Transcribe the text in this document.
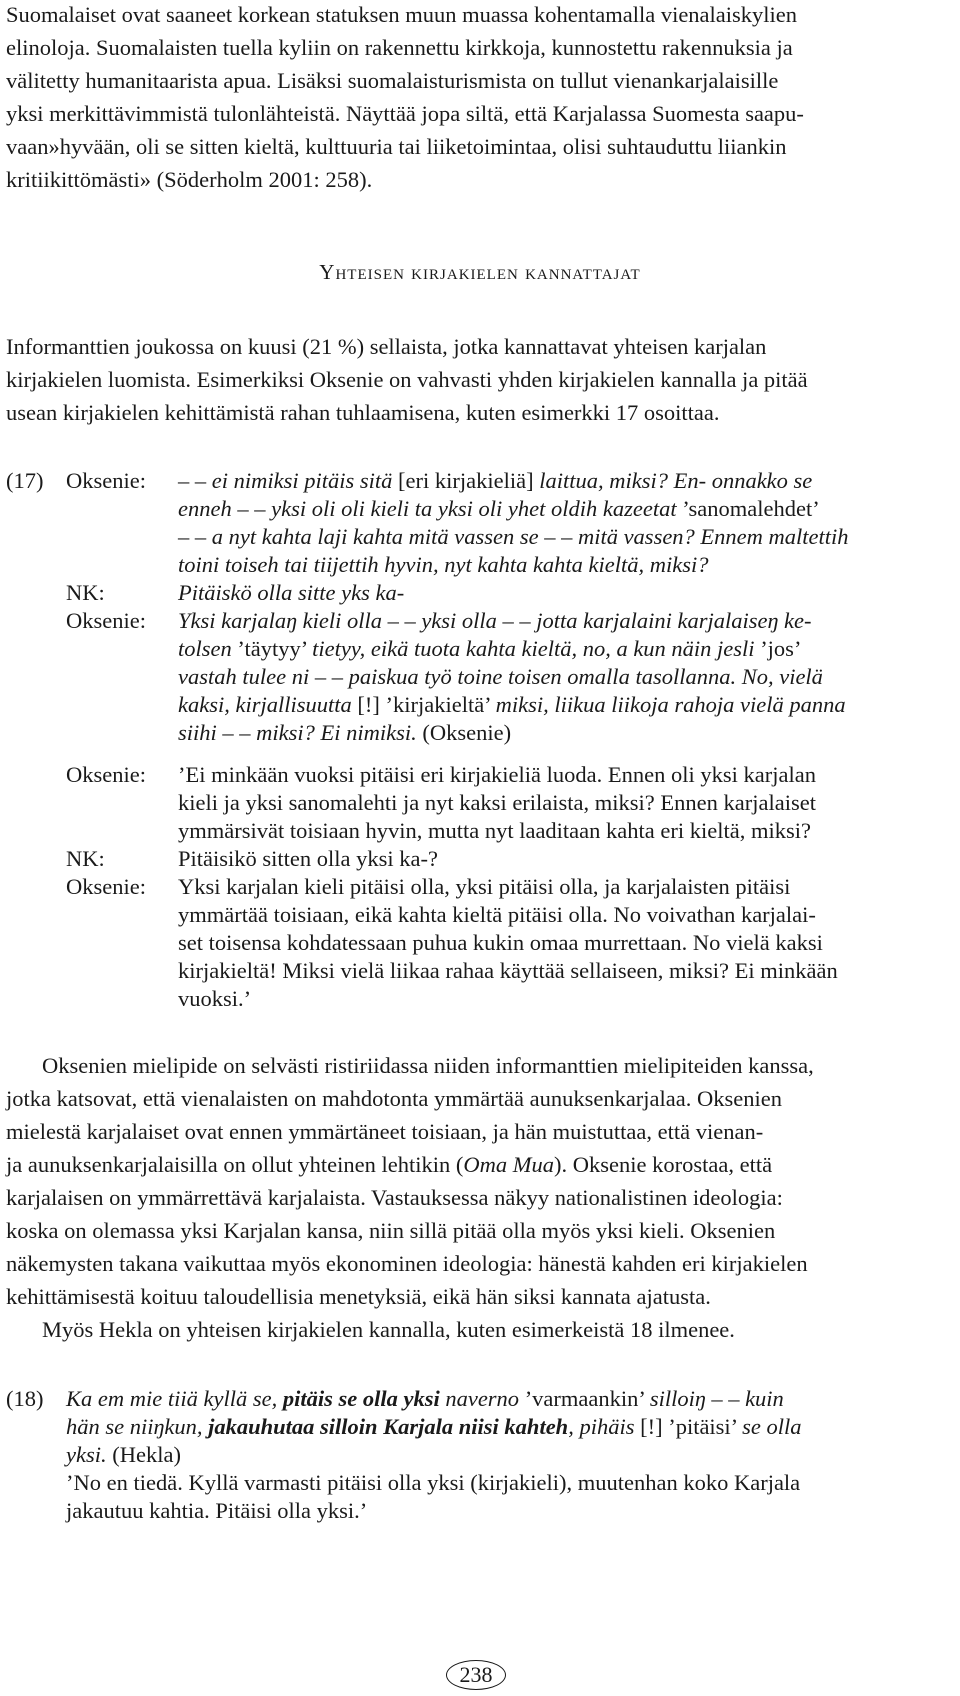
Suomalaiset ovat saaneet korkean statuksen muun muassa kohentamalla vienalaiskylien
elinoloja. Suomalaisten tuella kyliin on rakennettu kirkkoja, kunnostettu rakennuksia ja
välitetty humanitaarista apua. Lisäksi suomalaisturismista on tullut vienankarjalaisille
yksi merkittävimmistä tulonlähteistä. Näyttää jopa siltä, että Karjalassa Suomesta saapu-
vaan»hyvään, oli se sitten kieltä, kulttuuria tai liiketoimintaa, olisi suhtauduttu liiankin
kritiikittömästi» (Söderholm 2001: 258).
Yhteisen kirjakielen kannattajat
Informanttien joukossa on kuusi (21 %) sellaista, jotka kannattavat yhteisen karjalan
kirjakielen luomista. Esimerkiksi Oksenie on vahvasti yhden kirjakielen kannalla ja pitää
usean kirjakielen kehittämistä rahan tuhlaamisena, kuten esimerkki 17 osoittaa.
(17) Oksenie: – – ei nimiksi pitäis sitä [eri kirjakieliä] laittua, miksi? En- onnakko se
enneh – – yksi oli oli kieli ta yksi oli yhet oldih kazeetat ’sanomalehdet’
– – a nyt kahta laji kahta mitä vassen se – – mitä vassen? Ennem maltettih
toini toiseh tai tiijettih hyvin, nyt kahta kahta kieltä, miksi?
NK:	Pitäiskö olla sitte yks ka-
Oksenie: Yksi karjalaŋ kieli olla – – yksi olla – – jotta karjalaini karjalaiseŋ ke-
tolsen ’täytyy’ tietyy, eikä tuota kahta kieltä, no, a kun näin jesli ’jos’
vastah tulee ni – – paiskua työ toine toisen omalla tasollanna. No, vielä
kaksi, kirjallisuutta [!] ’kirjakieltä’ miksi, liikua liikoja rahoja vielä panna
siihi – – miksi? Ei nimiksi. (Oksenie)
Oksenie: ’Ei minkään vuoksi pitäisi eri kirjakieliä luoda. Ennen oli yksi karjalan
kieli ja yksi sanomalehti ja nyt kaksi erilaista, miksi? Ennen karjalaiset
ymmärsivät toisiaan hyvin, mutta nyt laaditaan kahta eri kieltä, miksi?
NK:	Pitäisikö sitten olla yksi ka-?
Oksenie: Yksi karjalan kieli pitäisi olla, yksi pitäisi olla, ja karjalaisten pitäisi
ymmärtää toisiaan, eikä kahta kieltä pitäisi olla. No voivathan karjalai-
set toisensa kohdatessaan puhua kukin omaa murrettaan. No vielä kaksi
kirjakieltä! Miksi vielä liikaa rahaa käyttää sellaiseen, miksi? Ei minkään
vuoksi.’
Oksenien mielipide on selvästi ristiriidassa niiden informanttien mielipiteiden kanssa,
jotka katsovat, että vienalaisten on mahdotonta ymmärtää aunuksenkarjalaa. Oksenien
mielestä karjalaiset ovat ennen ymmärtäneet toisiaan, ja hän muistuttaa, että vienan-
ja aunuksenkarjalaisilla on ollut yhteinen lehtikin (Oma Mua). Oksenie korostaa, että
karjalaisen on ymmärrettävä karjalaista. Vastauksessa näkyy nationalistinen ideologia:
koska on olemassa yksi Karjalan kansa, niin sillä pitää olla myös yksi kieli. Oksenien
näkemysten takana vaikuttaa myös ekonominen ideologia: hänestä kahden eri kirjakielen
kehittämisestä koituu taloudellisia menetyksiä, eikä hän siksi kannata ajatusta.
Myös Hekla on yhteisen kirjakielen kannalla, kuten esimerkeistä 18 ilmenee.
(18) Ka em mie tiiä kyllä se, pitäis se olla yksi naverno ’varmaankin’ silloiŋ – – kuin
hän se niiŋkun, jakauhutaa silloin Karjala niisi kahteh, pihäis [!] ’pitäisi’ se olla
yksi. (Hekla)
’No en tiedä. Kyllä varmasti pitäisi olla yksi (kirjakieli), muutenhan koko Karjala
jakautuu kahtia. Pitäisi olla yksi.’
238
